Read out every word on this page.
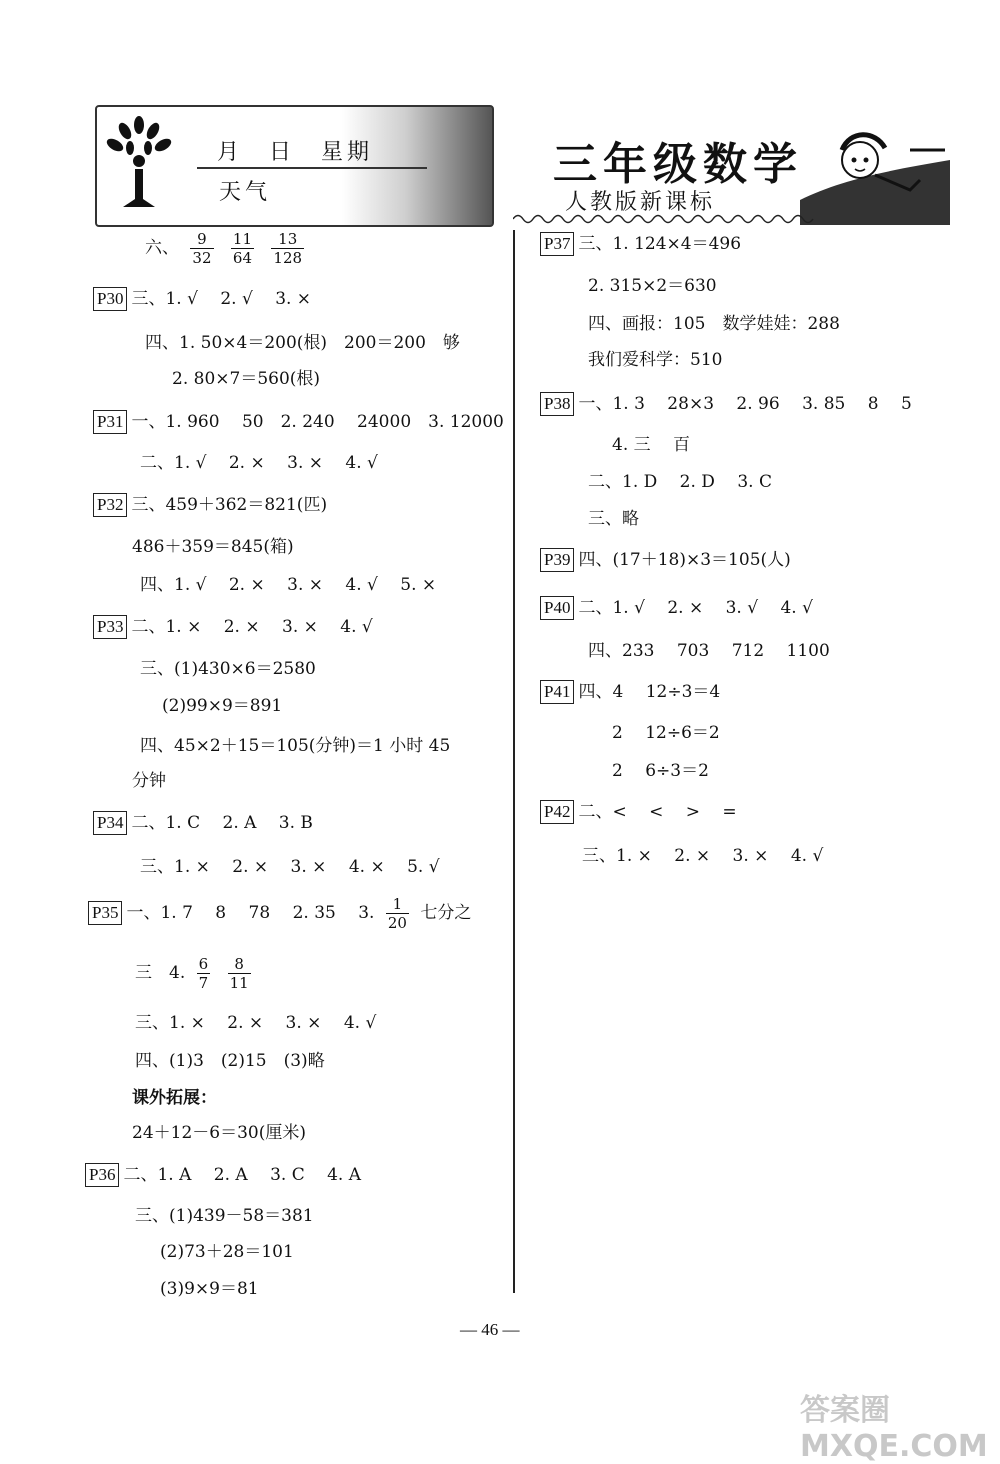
月　日　星期
天气
三年级数学
人教版新课标
六、 $\frac{9}{32}$
$\frac{11}{64}$
$\frac{13}{128}$
P30 三、1. √　 2. √　 3. ×
四、1. 50×4＝200(根)　200＝200　够
2. 80×7＝560(根)
P31 一、1. 960　 50　2. 240　 24000　3. 12000
二、1. √　 2. ×　 3. ×　 4. √
P32 三、459＋362＝821(匹)
486＋359＝845(箱)
四、1. √　 2. ×　 3. ×　 4. √　 5. ×
P33 二、1. ×　 2. ×　 3. ×　 4. √
三、(1)430×6＝2580
(2)99×9＝891
四、45×2＋15＝105(分钟)＝1 小时 45
分钟
P34 二、1. C　 2. A　 3. B
三、1. ×　 2. ×　 3. ×　 4. ×　 5. √
P35 一、1. 7　 8　 78　 2. 35　 3. $\frac{1}{20}$ 七分之
三　4. $\frac{6}{7}$
$\frac{8}{11}$
三、1. ×　 2. ×　 3. ×　 4. √
四、(1)3　(2)15　(3)略
课外拓展：
24＋12－6＝30(厘米)
P36 二、1. A　 2. A　 3. C　 4. A
三、(1)439－58＝381
(2)73＋28＝101
(3)9×9＝81
P37 三、1. 124×4＝496
2. 315×2＝630
四、画报：105　数学娃娃：288
我们爱科学：510
P38 一、1. 3　 28×3　 2. 96　 3. 85　 8　 5
4. 三　 百
二、1. D　 2. D　 3. C
三、略
P39 四、(17＋18)×3＝105(人)
P40 二、1. √　 2. ×　 3. √　 4. √
四、233　 703　 712　 1100
P41 四、4　 12÷3＝4
2　 12÷6＝2
2　 6÷3＝2
P42 二、<　 <　 >　 =
三、1. ×　 2. ×　 3. ×　 4. √
— 46 —
答案圈 MXQE.COM
